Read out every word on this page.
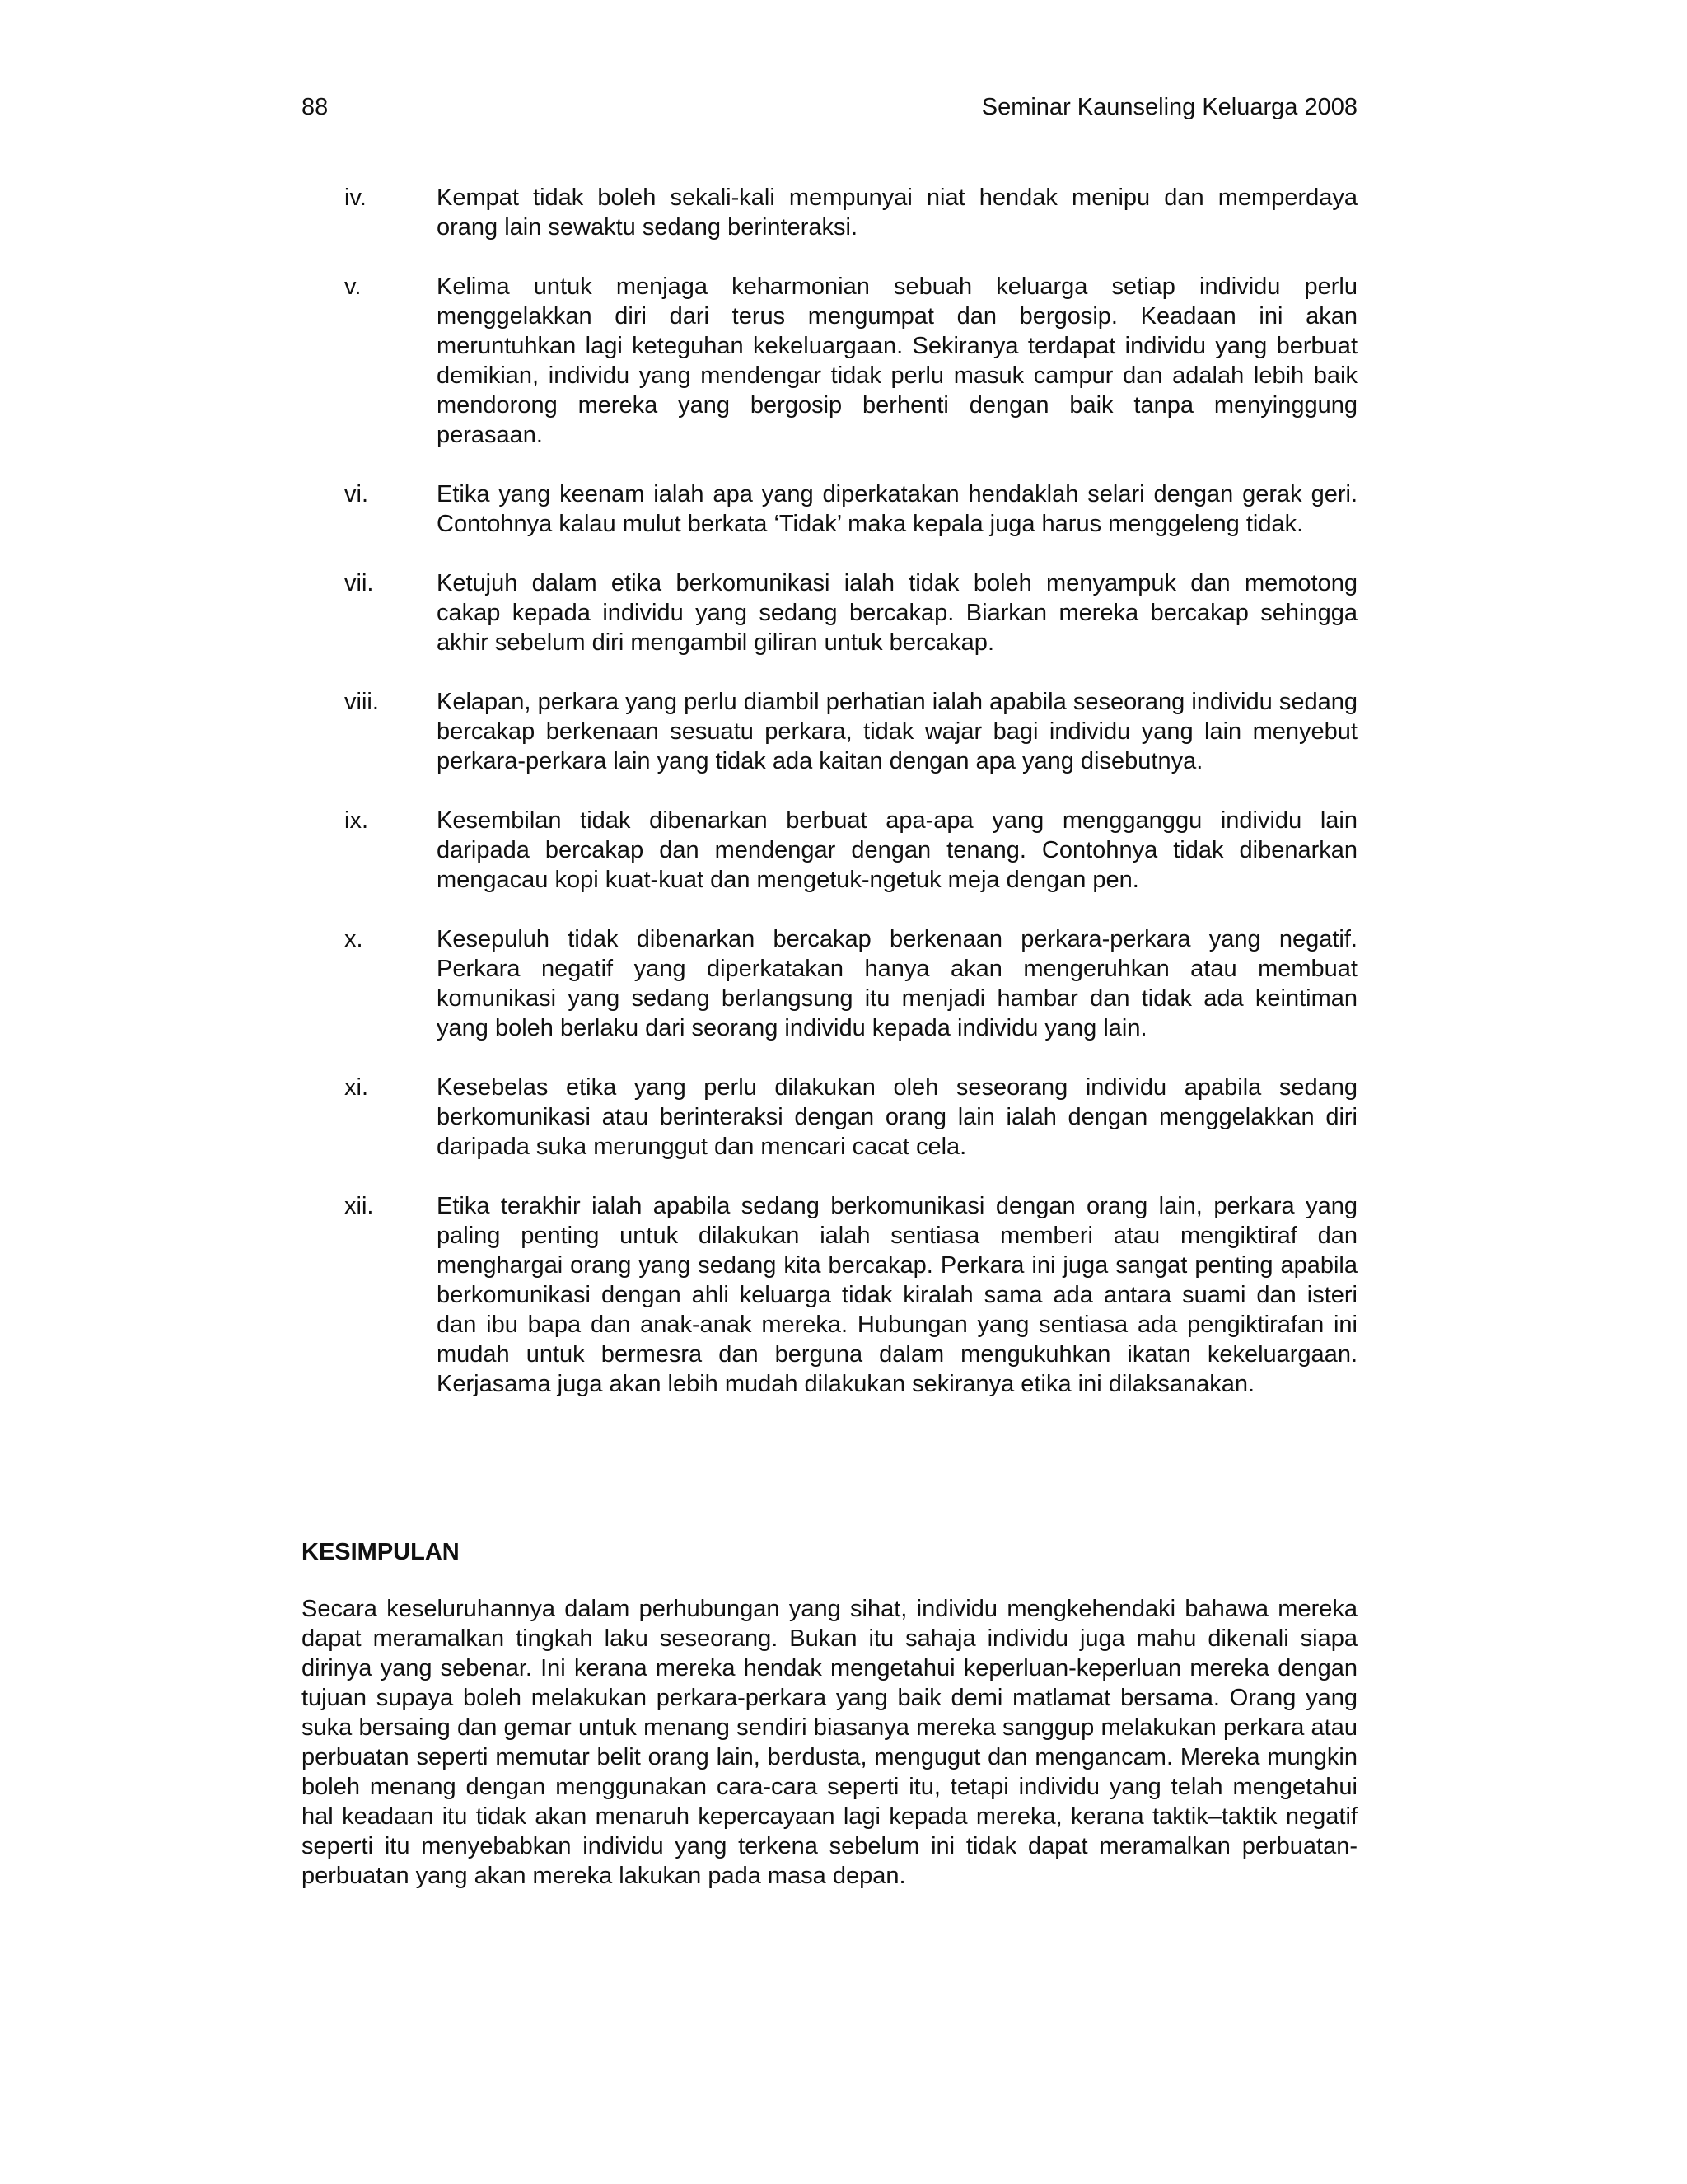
88	Seminar Kaunseling Keluarga 2008
iv.	Kempat tidak boleh sekali-kali mempunyai niat hendak menipu dan memperdaya orang lain sewaktu sedang berinteraksi.
v.	Kelima untuk menjaga keharmonian sebuah keluarga setiap individu perlu menggelakkan diri dari terus mengumpat dan bergosip. Keadaan ini akan meruntuhkan lagi keteguhan kekeluargaan. Sekiranya terdapat individu yang berbuat demikian, individu yang mendengar tidak perlu masuk campur dan adalah lebih baik mendorong mereka yang bergosip berhenti dengan baik tanpa menyinggung perasaan.
vi.	Etika yang keenam ialah apa yang diperkatakan hendaklah selari dengan gerak geri. Contohnya kalau mulut berkata ‘Tidak’ maka kepala juga harus menggeleng tidak.
vii.	Ketujuh dalam etika berkomunikasi ialah tidak boleh menyampuk dan memotong cakap kepada individu yang sedang bercakap. Biarkan mereka bercakap sehingga akhir sebelum diri mengambil giliran untuk bercakap.
viii. Kelapan, perkara yang perlu diambil perhatian ialah apabila seseorang individu sedang bercakap berkenaan sesuatu perkara, tidak wajar bagi individu yang lain menyebut perkara-perkara lain yang tidak ada kaitan dengan apa yang disebutnya.
ix.	Kesembilan tidak dibenarkan berbuat apa-apa yang mengganggu individu lain daripada bercakap dan mendengar dengan tenang. Contohnya tidak dibenarkan mengacau kopi kuat-kuat dan mengetuk-ngetuk meja dengan pen.
x.	Kesepuluh tidak dibenarkan bercakap berkenaan perkara-perkara yang negatif. Perkara negatif yang diperkatakan hanya akan mengeruhkan atau membuat komunikasi yang sedang berlangsung itu menjadi hambar dan tidak ada keintiman yang boleh berlaku dari seorang individu kepada individu yang lain.
xi.	Kesebelas etika yang perlu dilakukan oleh seseorang individu apabila sedang berkomunikasi atau berinteraksi dengan orang lain ialah dengan menggelakkan diri daripada suka merunggut dan mencari cacat cela.
xii.	Etika terakhir ialah apabila sedang berkomunikasi dengan orang lain, perkara yang paling penting untuk dilakukan ialah sentiasa memberi atau mengiktiraf dan menghargai orang yang sedang kita bercakap. Perkara ini juga sangat penting apabila berkomunikasi dengan ahli keluarga tidak kiralah sama ada antara suami dan isteri dan ibu bapa dan anak-anak mereka. Hubungan yang sentiasa ada pengiktirafan ini mudah untuk bermesra dan berguna dalam mengukuhkan ikatan kekeluargaan. Kerjasama juga akan lebih mudah dilakukan sekiranya etika ini dilaksanakan.
KESIMPULAN
Secara keseluruhannya dalam perhubungan yang sihat, individu mengkehendaki bahawa mereka dapat meramalkan tingkah laku seseorang. Bukan itu sahaja individu juga mahu dikenali siapa dirinya yang sebenar. Ini kerana mereka hendak mengetahui keperluan-keperluan mereka dengan tujuan supaya boleh melakukan perkara-perkara yang baik demi matlamat bersama. Orang yang suka bersaing dan gemar untuk menang sendiri biasanya mereka sanggup melakukan perkara atau perbuatan seperti memutar belit orang lain, berdusta, mengugut dan mengancam. Mereka mungkin boleh menang dengan menggunakan cara-cara seperti itu, tetapi individu yang telah mengetahui hal keadaan itu tidak akan menaruh kepercayaan lagi kepada mereka, kerana taktik–taktik negatif seperti itu menyebabkan individu yang terkena sebelum ini tidak dapat meramalkan perbuatan-perbuatan yang akan mereka lakukan pada masa depan.
